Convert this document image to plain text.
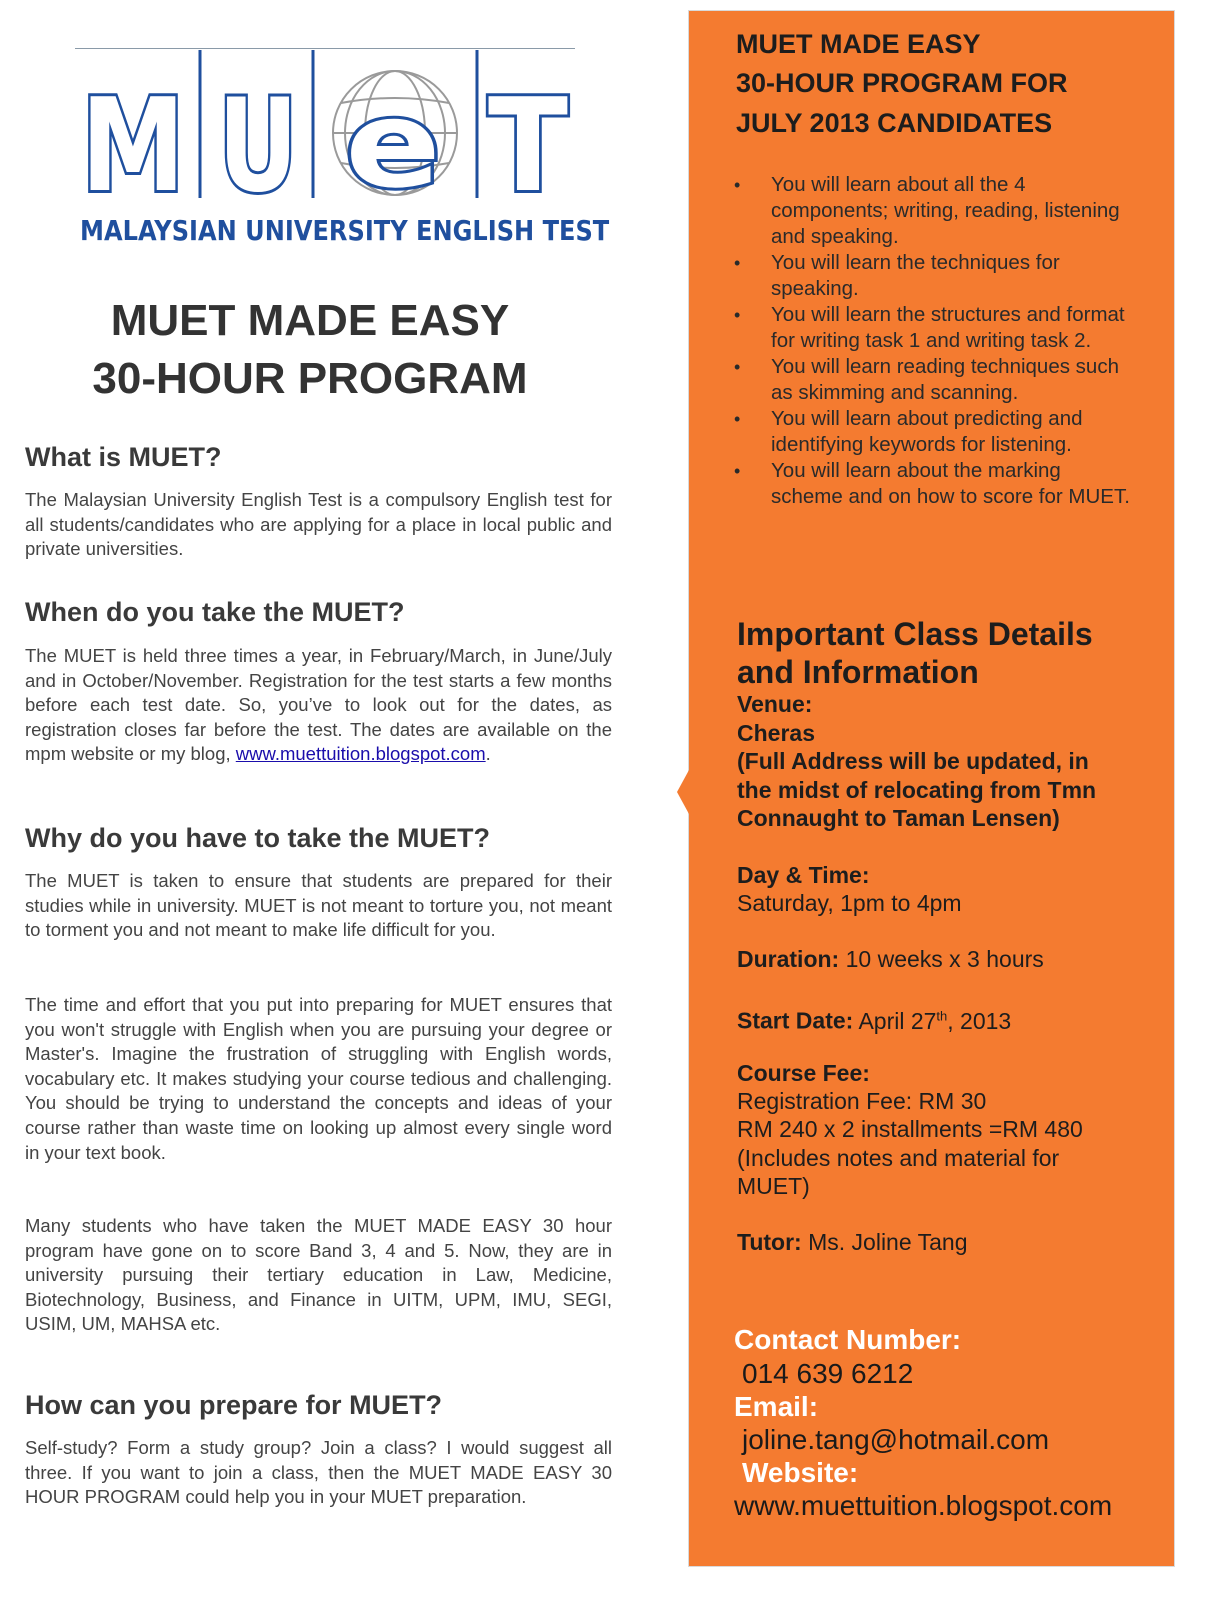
M U e T
MALAYSIAN UNIVERSITY ENGLISH TEST
MUET MADE EASY
30-HOUR PROGRAM
What is MUET?

The Malaysian University English Test is a compulsory English test for all students/candidates who are applying for a place in local public and private universities.

When do you take the MUET?

The MUET is held three times a year, in February/March, in June/July and in October/November. Registration for the test starts a few months before each test date. So, you’ve to look out for the dates, as registration closes far before the test. The dates are available on the mpm website or my blog, www.muettuition.blogspot.com.

Why do you have to take the MUET?

The MUET is taken to ensure that students are prepared for their studies while in university. MUET is not meant to torture you, not meant to torment you and not meant to make life difficult for you.

The time and effort that you put into preparing for MUET ensures that you won't struggle with English when you are pursuing your degree or Master's. Imagine the frustration of struggling with English words, vocabulary etc. It makes studying your course tedious and challenging. You should be trying to understand the concepts and ideas of your course rather than waste time on looking up almost every single word in your text book.

Many students who have taken the MUET MADE EASY 30 hour program have gone on to score Band 3, 4 and 5. Now, they are in university pursuing their tertiary education in Law, Medicine, Biotechnology, Business, and Finance in UITM, UPM, IMU, SEGI, USIM, UM, MAHSA etc.

How can you prepare for MUET?

Self-study? Form a study group? Join a class? I would suggest all three. If you want to join a class, then the MUET MADE EASY 30 HOUR PROGRAM could help you in your MUET preparation.

MUET MADE EASY
30-HOUR PROGRAM FOR
JULY 2013 CANDIDATES
• You will learn about all the 4 components; writing, reading, listening and speaking.
• You will learn the techniques for speaking.
• You will learn the structures and format for writing task 1 and writing task 2.
• You will learn reading techniques such as skimming and scanning.
• You will learn about predicting and identifying keywords for listening.
• You will learn about the marking scheme and on how to score for MUET.
Important Class Details
and Information
Venue:
Cheras
(Full Address will be updated, in
the midst of relocating from Tmn
Connaught to Taman Lensen)
Day & Time:
Saturday, 1pm to 4pm
Duration: 10 weeks x 3 hours
Start Date: April 27th, 2013
Course Fee:
Registration Fee: RM 30
RM 240 x 2 installments =RM 480
(Includes notes and material for
MUET)
Tutor: Ms. Joline Tang
Contact Number:
014 639 6212
Email:
joline.tang@hotmail.com
Website:
www.muettuition.blogspot.com
